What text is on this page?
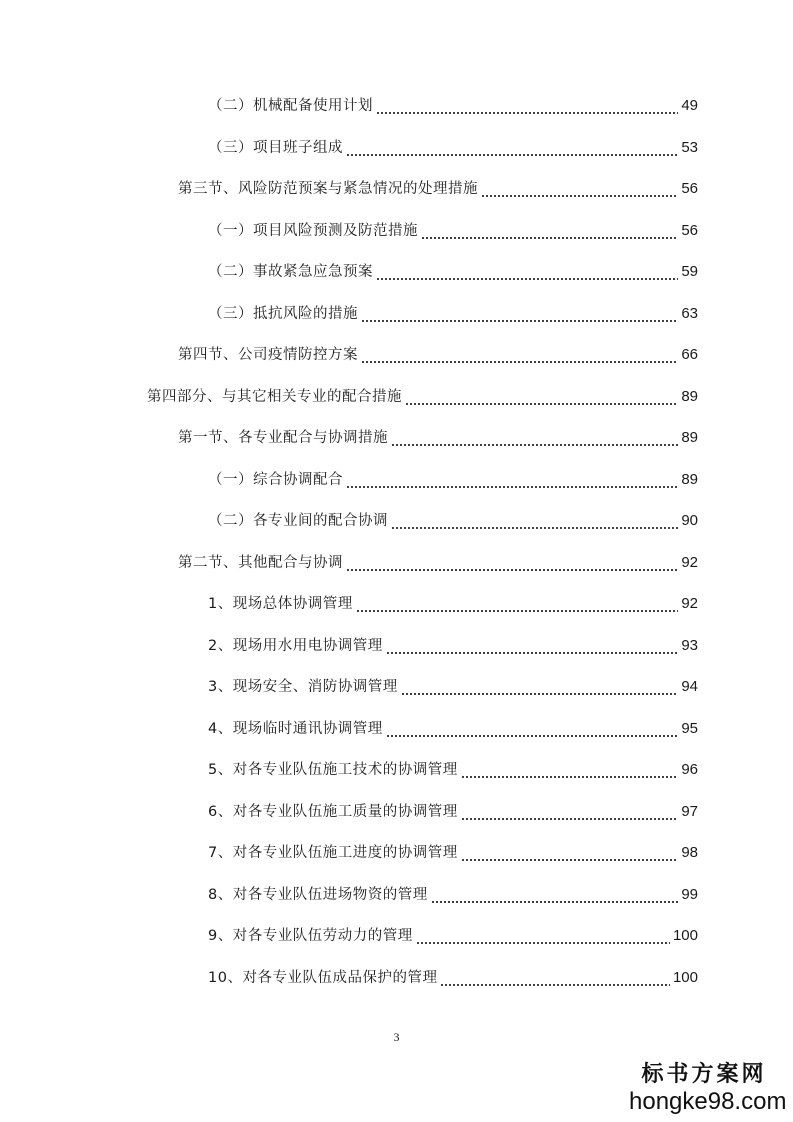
（二）机械配备使用计划	49
（三）项目班子组成	53
第三节、风险防范预案与紧急情况的处理措施	56
（一）项目风险预测及防范措施	56
（二）事故紧急应急预案	59
（三）抵抗风险的措施	63
第四节、公司疫情防控方案	66
第四部分、与其它相关专业的配合措施	89
第一节、各专业配合与协调措施	89
（一）综合协调配合	89
（二）各专业间的配合协调	90
第二节、其他配合与协调	92
1、现场总体协调管理	92
2、现场用水用电协调管理	93
3、现场安全、消防协调管理	94
4、现场临时通讯协调管理	95
5、对各专业队伍施工技术的协调管理	96
6、对各专业队伍施工质量的协调管理	97
7、对各专业队伍施工进度的协调管理	98
8、对各专业队伍进场物资的管理	99
9、对各专业队伍劳动力的管理	100
10、对各专业队伍成品保护的管理	100
3
标书方案网
hongke98.com
